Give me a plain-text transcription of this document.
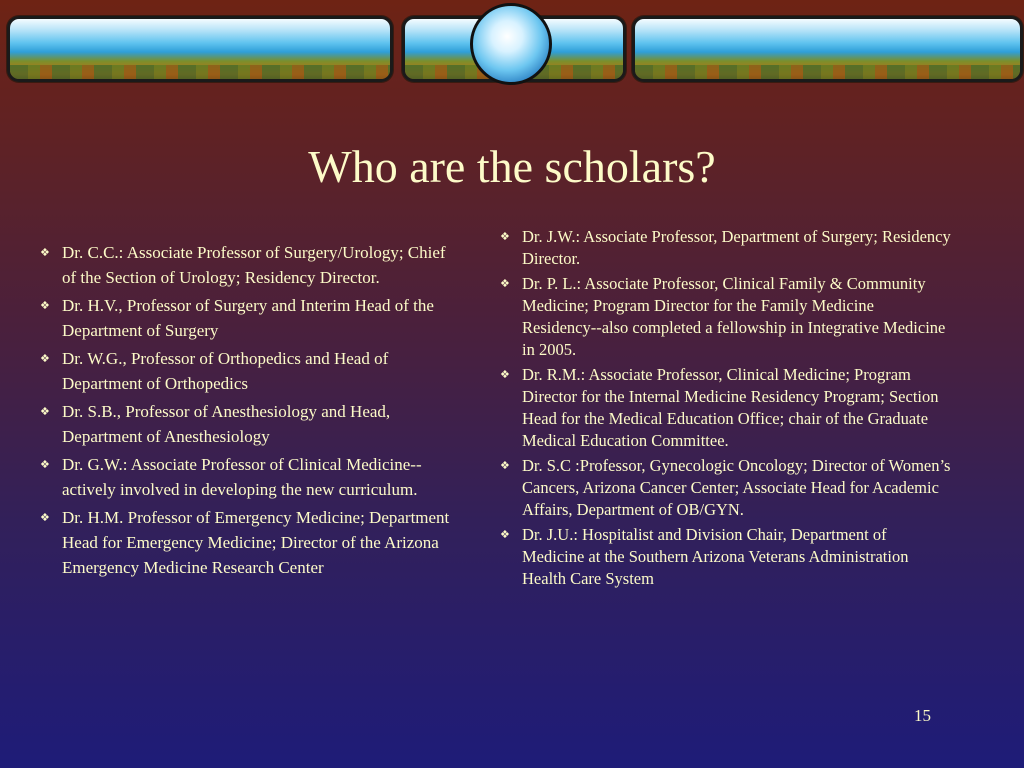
Who are the scholars?
❖ Dr. C.C.: Associate Professor of Surgery/Urology; Chief of the Section of Urology; Residency Director.
❖ Dr. H.V., Professor of Surgery and Interim Head of the Department of Surgery
❖ Dr. W.G., Professor of Orthopedics and Head of Department of Orthopedics
❖ Dr. S.B., Professor of Anesthesiology and Head, Department of Anesthesiology
❖ Dr. G.W.: Associate Professor of Clinical Medicine-- actively involved in developing the new curriculum.
❖ Dr. H.M. Professor of Emergency Medicine; Department Head for Emergency Medicine; Director of the Arizona Emergency Medicine Research Center
❖ Dr. J.W.: Associate Professor, Department of Surgery; Residency Director.
❖ Dr. P. L.: Associate Professor, Clinical Family & Community Medicine; Program Director for the Family Medicine Residency--also completed a fellowship in Integrative Medicine in 2005.
❖ Dr. R.M.: Associate Professor, Clinical Medicine; Program Director for the Internal Medicine Residency Program; Section Head for the Medical Education Office; chair of the Graduate Medical Education Committee.
❖ Dr. S.C :Professor, Gynecologic Oncology; Director of Women’s Cancers, Arizona Cancer Center; Associate Head for Academic Affairs, Department of OB/GYN.
❖ Dr. J.U.: Hospitalist and Division Chair, Department of Medicine at the Southern Arizona Veterans Administration Health Care System
15
